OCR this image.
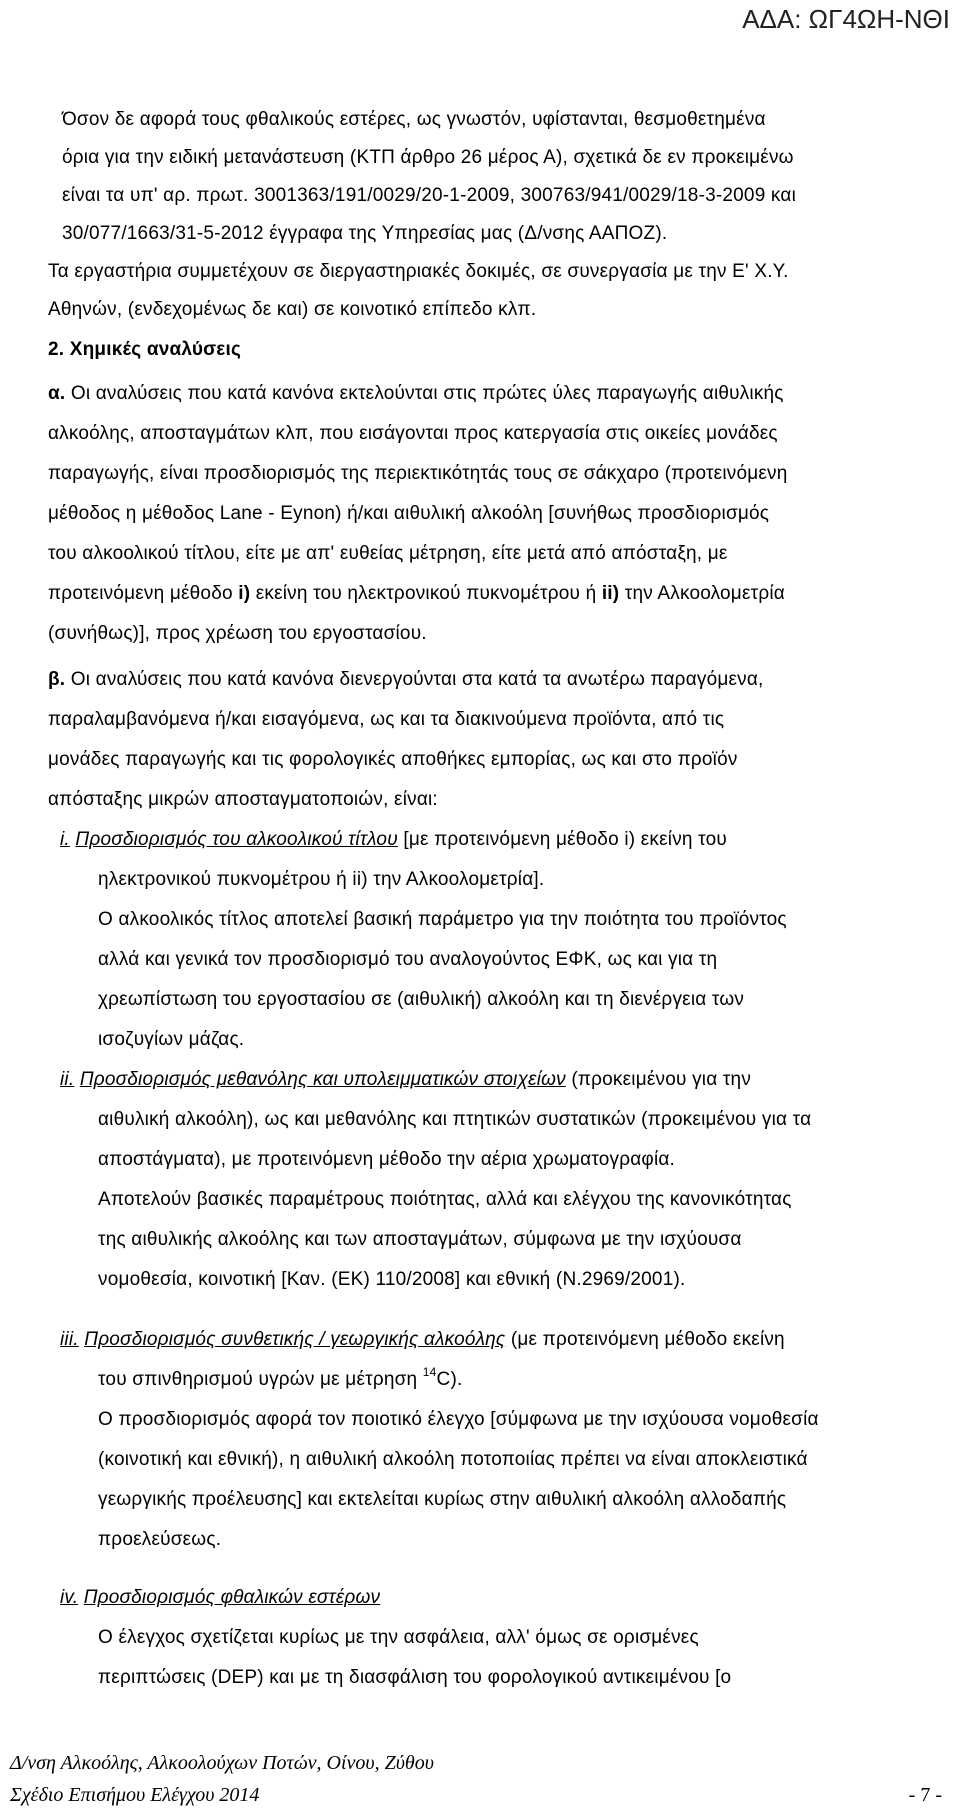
ΑΔΑ: ΩΓ4ΩΗ-ΝΘΙ
Όσον δε αφορά τους φθαλικούς εστέρες, ως γνωστόν, υφίστανται, θεσμοθετημένα
όρια για την ειδική μετανάστευση (ΚΤΠ άρθρο 26 μέρος Α), σχετικά δε εν προκειμένω
είναι τα υπ' αρ. πρωτ. 3001363/191/0029/20-1-2009, 300763/941/0029/18-3-2009 και
30/077/1663/31-5-2012 έγγραφα της Υπηρεσίας μας (Δ/νσης ΑΑΠΟΖ).
Τα εργαστήρια συμμετέχουν σε διεργαστηριακές δοκιμές, σε συνεργασία με την Ε' Χ.Υ.
Αθηνών, (ενδεχομένως δε και) σε κοινοτικό επίπεδο κλπ.
2. Χημικές αναλύσεις
α. Οι αναλύσεις που κατά κανόνα εκτελούνται στις πρώτες ύλες παραγωγής αιθυλικής
αλκοόλης, αποσταγμάτων κλπ, που εισάγονται προς κατεργασία στις οικείες μονάδες
παραγωγής, είναι προσδιορισμός της περιεκτικότητάς τους σε σάκχαρο (προτεινόμενη
μέθοδος η μέθοδος Lane - Eynon) ή/και αιθυλική αλκοόλη [συνήθως προσδιορισμός
του αλκοολικού τίτλου, είτε με απ' ευθείας μέτρηση, είτε μετά από απόσταξη, με
προτεινόμενη μέθοδο i) εκείνη του ηλεκτρονικού πυκνομέτρου ή ii) την Αλκοολομετρία
(συνήθως)], προς χρέωση του εργοστασίου.
β. Οι αναλύσεις που κατά κανόνα διενεργούνται στα κατά τα ανωτέρω παραγόμενα,
παραλαμβανόμενα ή/και εισαγόμενα, ως και τα διακινούμενα προϊόντα, από τις
μονάδες παραγωγής και τις φορολογικές αποθήκες εμπορίας, ως και στο προϊόν
απόσταξης μικρών αποσταγματοποιών, είναι:
i. Προσδιορισμός του αλκοολικού τίτλου [με προτεινόμενη μέθοδο i) εκείνη του
ηλεκτρονικού πυκνομέτρου ή ii) την Αλκοολομετρία].
Ο αλκοολικός τίτλος αποτελεί βασική παράμετρο για την ποιότητα του προϊόντος
αλλά και γενικά τον προσδιορισμό του αναλογούντος ΕΦΚ, ως και για τη
χρεωπίστωση του εργοστασίου σε (αιθυλική) αλκοόλη και τη διενέργεια των
ισοζυγίων μάζας.
ii. Προσδιορισμός μεθανόλης και υπολειμματικών στοιχείων (προκειμένου για την
αιθυλική αλκοόλη), ως και μεθανόλης και πτητικών συστατικών (προκειμένου για τα
αποστάγματα), με προτεινόμενη μέθοδο την αέρια χρωματογραφία.
Αποτελούν βασικές παραμέτρους ποιότητας, αλλά και ελέγχου της κανονικότητας
της αιθυλικής αλκοόλης και των αποσταγμάτων, σύμφωνα με την ισχύουσα
νομοθεσία, κοινοτική [Καν. (ΕΚ) 110/2008] και εθνική (Ν.2969/2001).
iii. Προσδιορισμός συνθετικής / γεωργικής αλκοόλης (με προτεινόμενη μέθοδο εκείνη
του σπινθηρισμού υγρών με μέτρηση $^{14}$C).
Ο προσδιορισμός αφορά τον ποιοτικό έλεγχο [σύμφωνα με την ισχύουσα νομοθεσία
(κοινοτική και εθνική), η αιθυλική αλκοόλη ποτοποιίας πρέπει να είναι αποκλειστικά
γεωργικής προέλευσης] και εκτελείται κυρίως στην αιθυλική αλκοόλη αλλοδαπής
προελεύσεως.
iv. Προσδιορισμός φθαλικών εστέρων
Ο έλεγχος σχετίζεται κυρίως με την ασφάλεια, αλλ' όμως σε ορισμένες
περιπτώσεις (DEP) και με τη διασφάλιση του φορολογικού αντικειμένου [ο
Δ/νση Αλκοόλης, Αλκοολούχων Ποτών, Οίνου, Ζύθου
Σχέδιο Επισήμου Ελέγχου 2014	- 7 -
